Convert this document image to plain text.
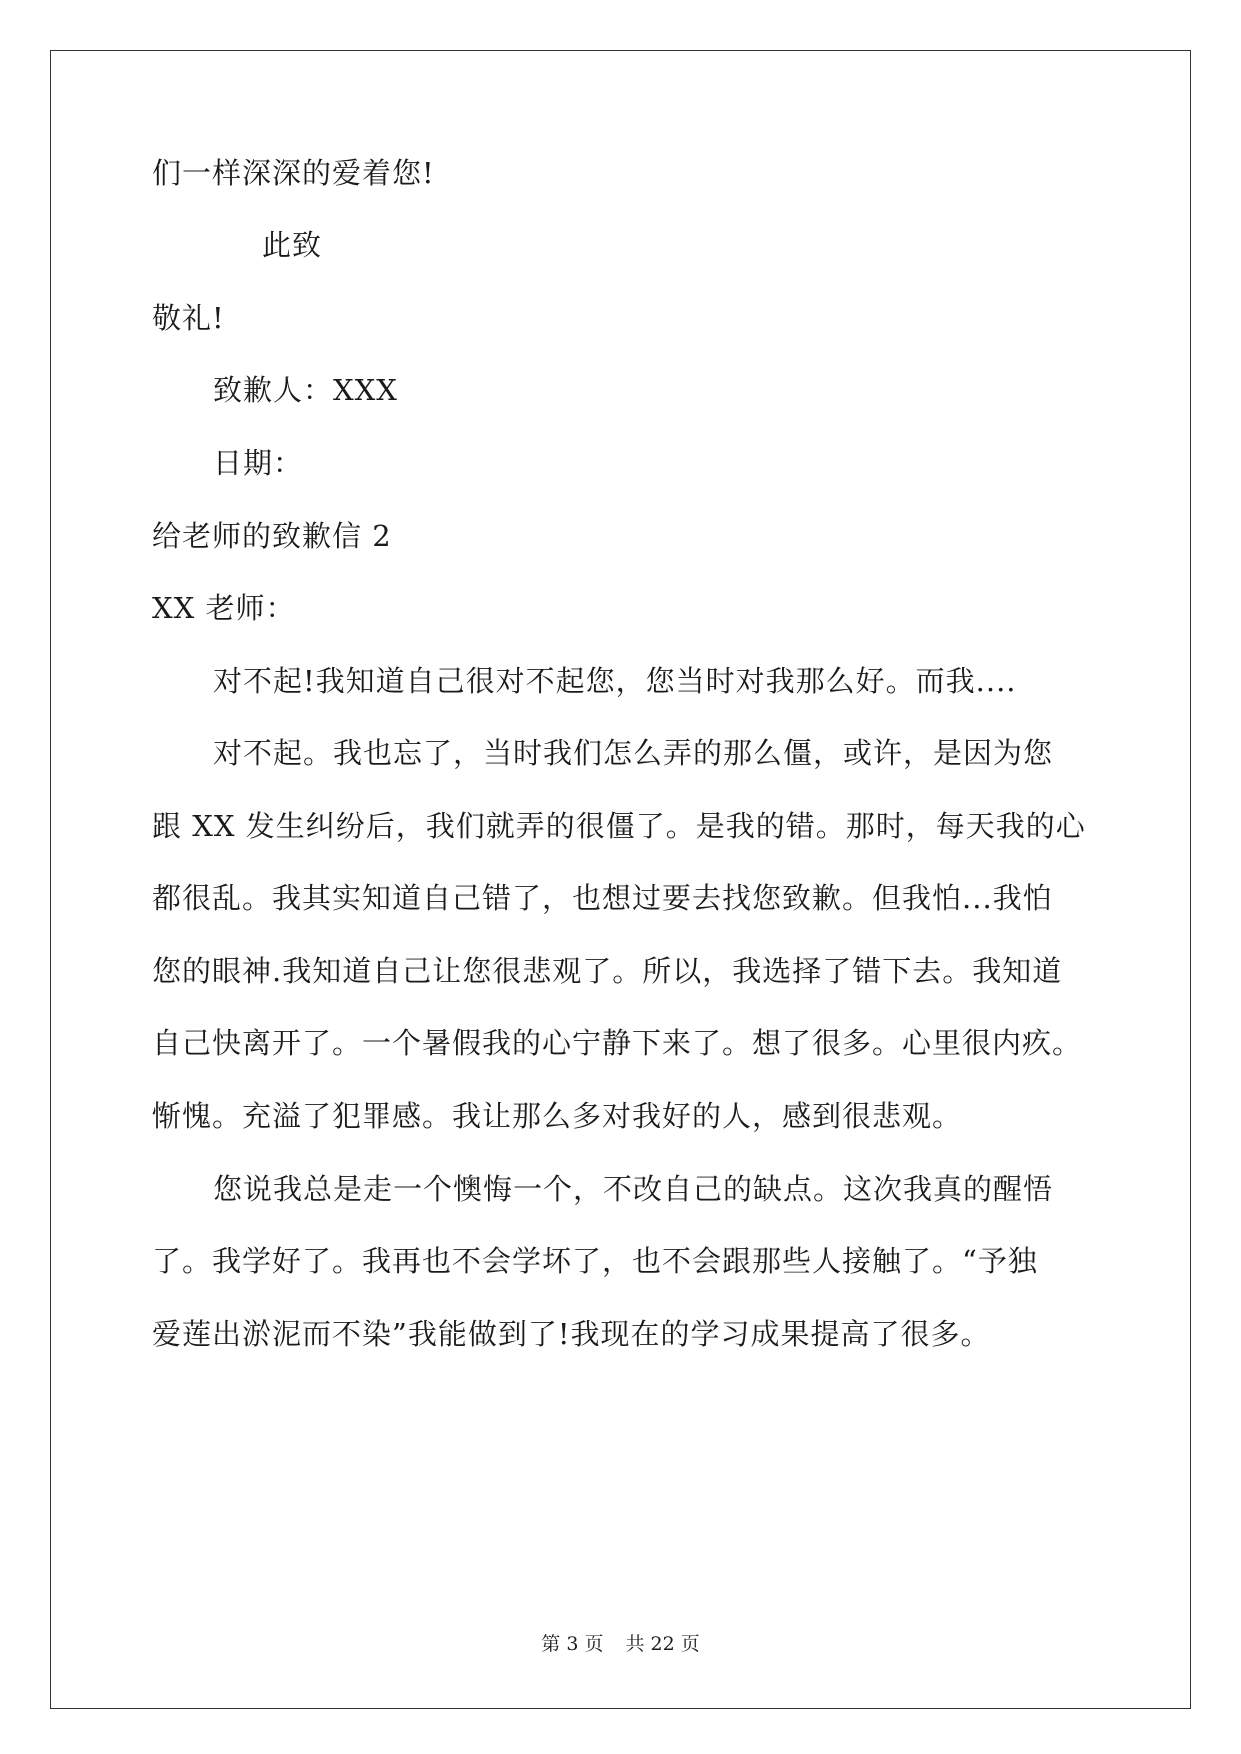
们一样深深的爱着您!
此致
敬礼!
致歉人：XXX
日期：
给老师的致歉信 2
XX 老师：
对不起!我知道自己很对不起您，您当时对我那么好。而我....
对不起。我也忘了，当时我们怎么弄的那么僵，或许，是因为您
跟 XX 发生纠纷后，我们就弄的很僵了。是我的错。那时，每天我的心
都很乱。我其实知道自己错了，也想过要去找您致歉。但我怕...我怕
您的眼神.我知道自己让您很悲观了。所以，我选择了错下去。我知道
自己快离开了。一个暑假我的心宁静下来了。想了很多。心里很内疚。
惭愧。充溢了犯罪感。我让那么多对我好的人，感到很悲观。
您说我总是走一个懊悔一个，不改自己的缺点。这次我真的醒悟
了。我学好了。我再也不会学坏了，也不会跟那些人接触了。“予独
爱莲出淤泥而不染”我能做到了!我现在的学习成果提高了很多。
第 3 页 共 22 页
